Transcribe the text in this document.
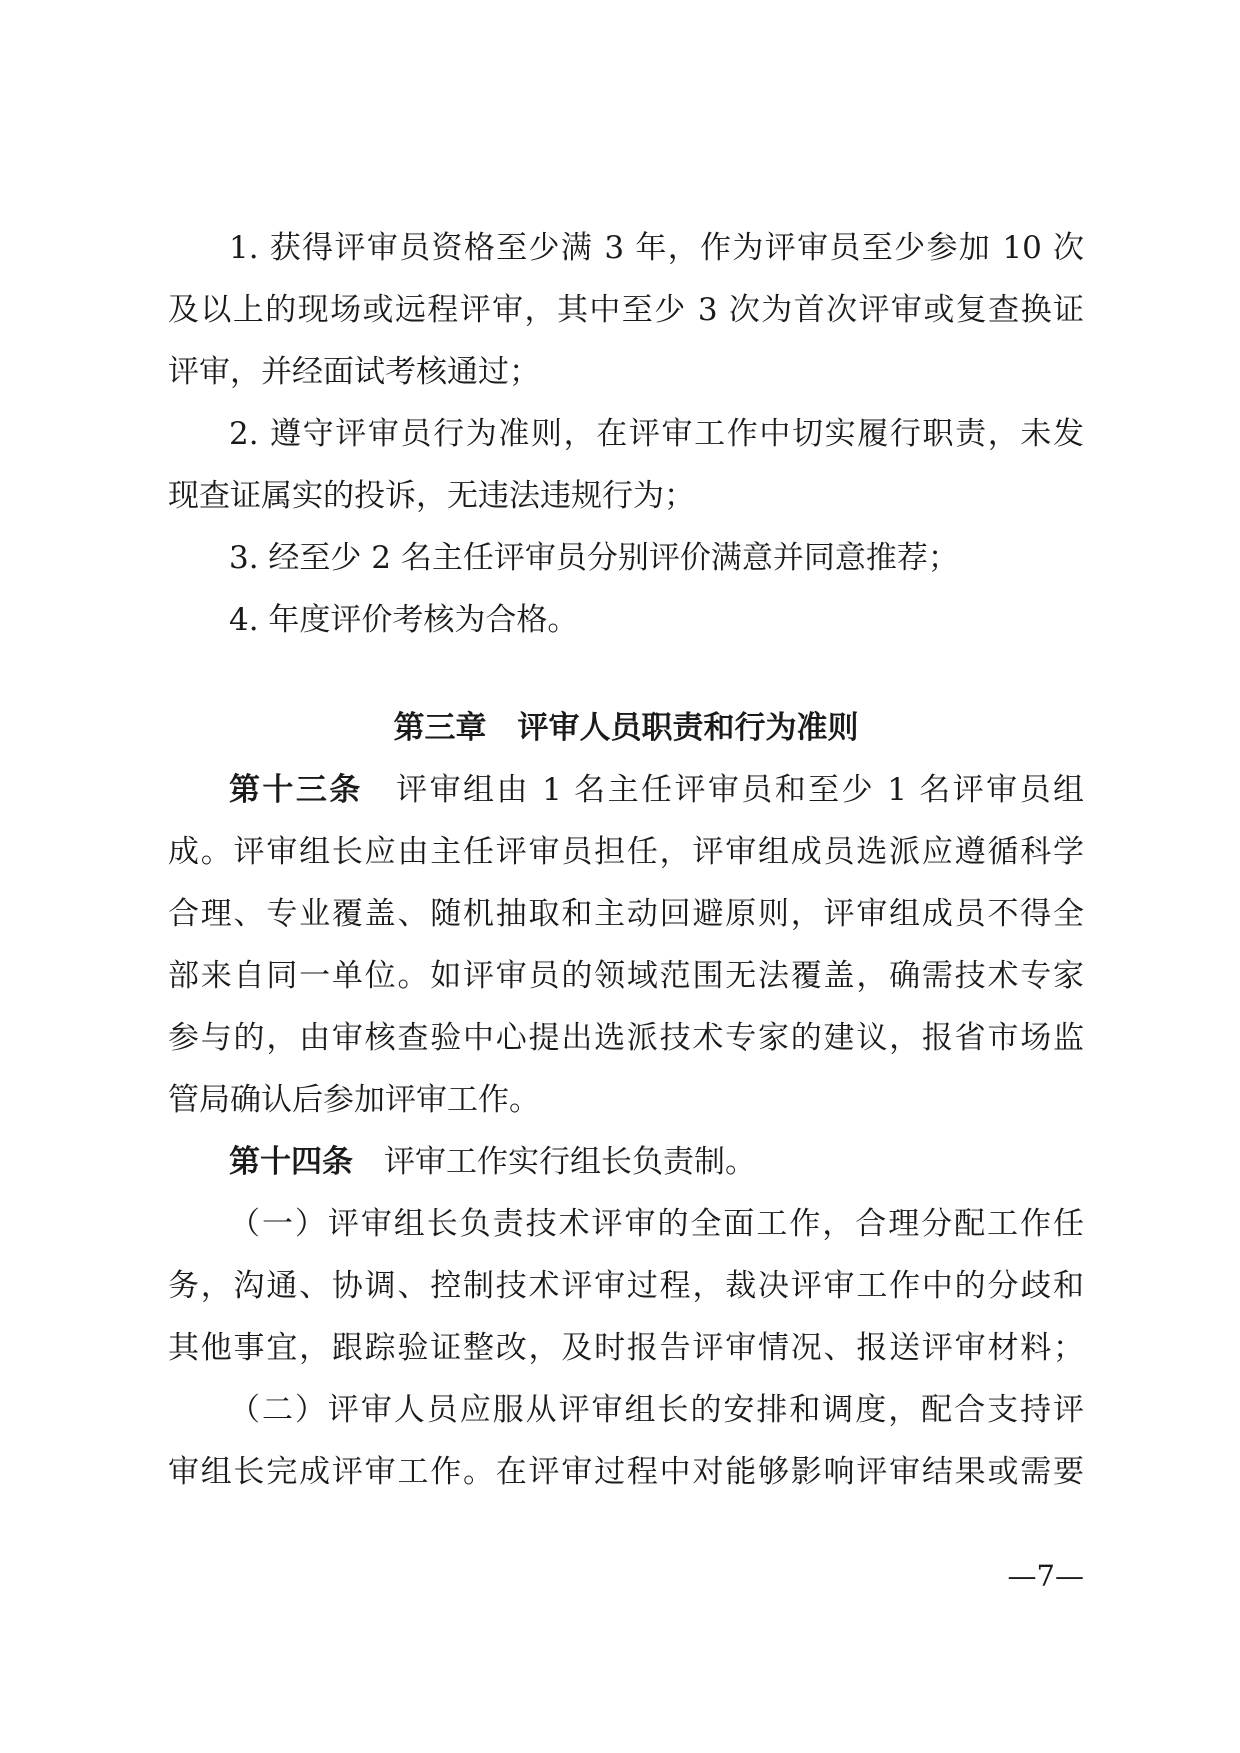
1. 获得评审员资格至少满 3 年，作为评审员至少参加 10 次
及以上的现场或远程评审，其中至少 3 次为首次评审或复查换证
评审，并经面试考核通过；
2. 遵守评审员行为准则，在评审工作中切实履行职责，未发
现查证属实的投诉，无违法违规行为；
3. 经至少 2 名主任评审员分别评价满意并同意推荐；
4. 年度评价考核为合格。
第三章　评审人员职责和行为准则
第十三条　 评审组由 1 名主任评审员和至少 1 名评审员组
成。评审组长应由主任评审员担任，评审组成员选派应遵循科学
合理、专业覆盖、随机抽取和主动回避原则，评审组成员不得全
部来自同一单位。如评审员的领域范围无法覆盖，确需技术专家
参与的，由审核查验中心提出选派技术专家的建议，报省市场监
管局确认后参加评审工作。
第十四条　 评审工作实行组长负责制。
（一）评审组长负责技术评审的全面工作，合理分配工作任
务，沟通、协调、控制技术评审过程，裁决评审工作中的分歧和
其他事宜，跟踪验证整改，及时报告评审情况、报送评审材料；
（二）评审人员应服从评审组长的安排和调度，配合支持评
审组长完成评审工作。在评审过程中对能够影响评审结果或需要
—7—
